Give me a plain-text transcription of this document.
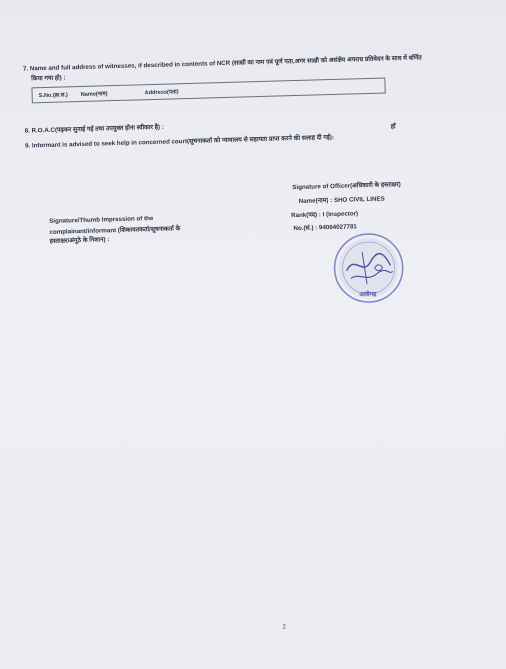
7. Name and full address of witnesses, if described in contents of NCR (साक्षी का नाम एवं पूर्ण पता,अगर साक्षी को असंज्ञेय अपराध प्रतिवेदन के साथ में वर्णित
किया गया हो) :
S.No.(क्र.स.) Name(नाम)	Address(पता)
8. R.O.A.C(पढ़कर सुनाई गई तथा उपयुक्त होना स्वीकार है) :
9. Informant is advised to seek help in concerned court(सूचनाकर्ता को न्यायालय से सहायता प्राप्त करने की सलाह दी गई):
हाँ
Signature of Officer(अधिकारी के हस्ताक्षर)
Name(नाम) : SHO CIVIL LINES
Rank(पद) : I (Inspector)
No.(सं.) : 94064027781
Signature/Thumb Impression of the
complainant/informant (शिकायतकर्ता/सूचनाकर्ता के
हस्ताक्षर/अंगूठे के निशान) :
अलीगढ़
2
